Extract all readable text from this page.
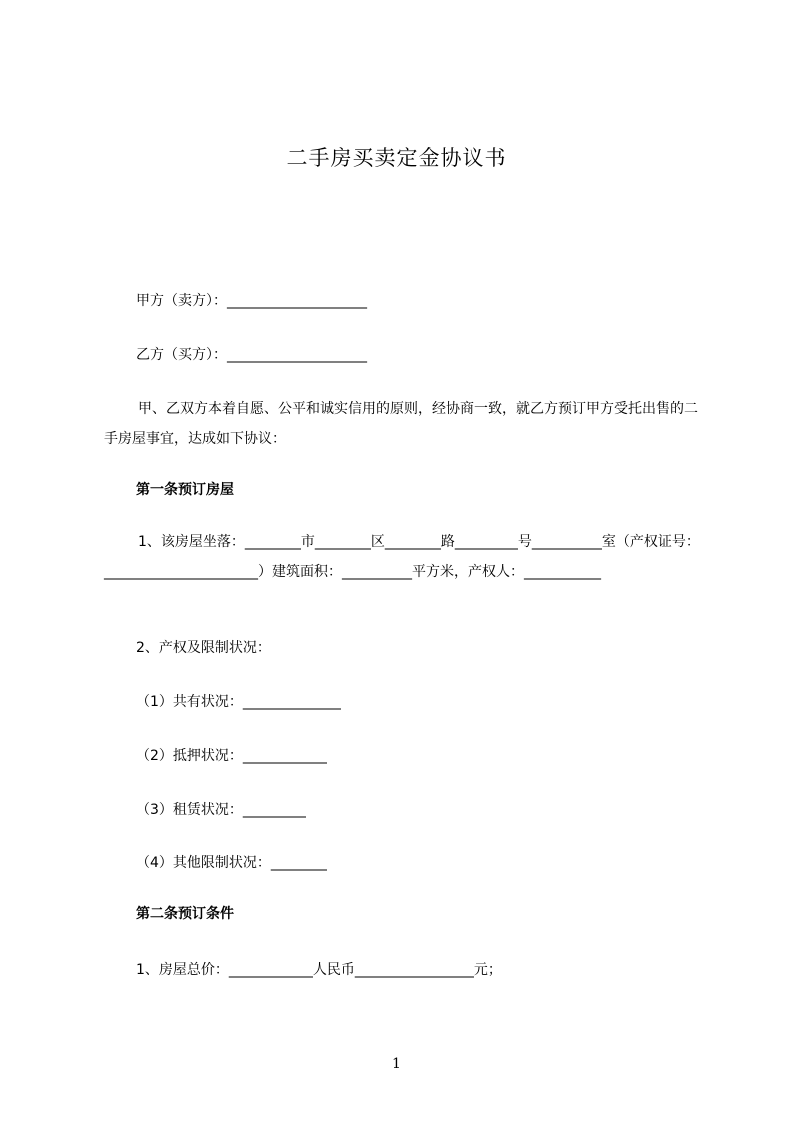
二手房买卖定金协议书
甲方（卖方）：____________________
乙方（买方）：____________________
甲、乙双方本着自愿、公平和诚实信用的原则，经协商一致，就乙方预订甲方受托出售的二手房屋事宜，达成如下协议：
第一条预订房屋
1、该房屋坐落：________市________区________路_________号__________室（产权证号：______________________）建筑面积：__________平方米，产权人：___________
2、产权及限制状况：
（1）共有状况：______________
（2）抵押状况：____________
（3）租赁状况：_________
（4）其他限制状况：________
第二条预订条件
1、房屋总价：____________人民币_________________元；
1
